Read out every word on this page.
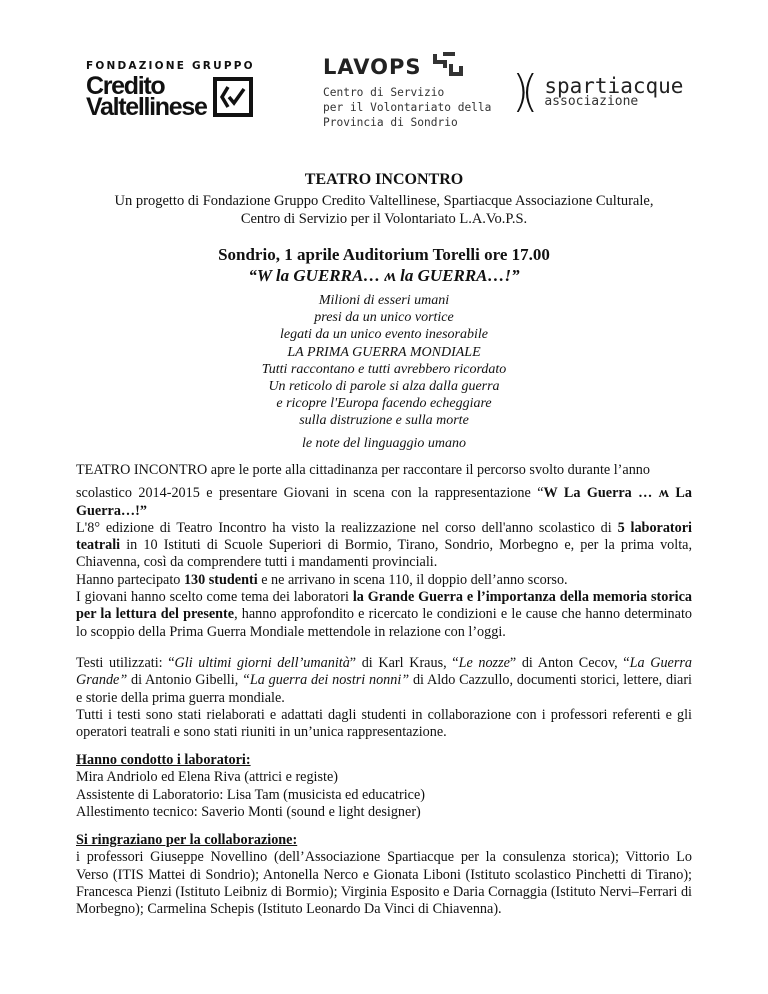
FONDAZIONE GRUPPO
Credito
Valtellinese
LAVOPS
Centro di Servizio
per il Volontariato della
Provincia di Sondrio
)( spartiacque
associazione
TEATRO INCONTRO
Un progetto di Fondazione Gruppo Credito Valtellinese, Spartiacque Associazione Culturale,
Centro di Servizio per il Volontariato L.A.Vo.P.S.
Sondrio, 1 aprile Auditorium Torelli ore 17.00
“W la GUERRA… ʍ la GUERRA…!”
Milioni di esseri umani
presi da un unico vortice
legati da un unico evento inesorabile
LA PRIMA GUERRA MONDIALE
Tutti raccontano e tutti avrebbero ricordato
Un reticolo di parole si alza dalla guerra
e ricopre l'Europa facendo echeggiare
sulla distruzione e sulla morte
le note del linguaggio umano
TEATRO INCONTRO apre le porte alla cittadinanza per raccontare il percorso svolto durante l’anno

scolastico 2014-2015 e presentare Giovani in scena con la rappresentazione “W La Guerra … ʍ La Guerra…!”

L'8° edizione di Teatro Incontro ha visto la realizzazione nel corso dell'anno scolastico di 5 laboratori teatrali in 10 Istituti di Scuole Superiori di Bormio, Tirano, Sondrio, Morbegno e, per la prima volta, Chiavenna, così da comprendere tutti i mandamenti provinciali.

Hanno partecipato 130 studenti e ne arrivano in scena 110, il doppio dell’anno scorso.

I giovani hanno scelto come tema dei laboratori la Grande Guerra e l’importanza della memoria storica per la lettura del presente, hanno approfondito e ricercato le condizioni e le cause che hanno determinato lo scoppio della Prima Guerra Mondiale mettendole in relazione con l’oggi.

Testi utilizzati: “Gli ultimi giorni dell’umanità” di Karl Kraus, “Le nozze” di Anton Cecov, “La Guerra Grande” di Antonio Gibelli, “La guerra dei nostri nonni” di Aldo Cazzullo, documenti storici, lettere, diari e storie della prima guerra mondiale.

Tutti i testi sono stati rielaborati e adattati dagli studenti in collaborazione con i professori referenti e gli operatori teatrali e sono stati riuniti in un’unica rappresentazione.

Hanno condotto i laboratori:

Mira Andriolo ed Elena Riva (attrici e registe)

Assistente di Laboratorio: Lisa Tam (musicista ed educatrice)

Allestimento tecnico: Saverio Monti (sound e light designer)

Si ringraziano per la collaborazione:

i professori Giuseppe Novellino (dell’Associazione Spartiacque per la consulenza storica); Vittorio Lo Verso (ITIS Mattei di Sondrio); Antonella Nerco e Gionata Liboni (Istituto scolastico Pinchetti di Tirano); Francesca Pienzi (Istituto Leibniz di Bormio); Virginia Esposito e Daria Cornaggia (Istituto Nervi–Ferrari di Morbegno); Carmelina Schepis (Istituto Leonardo Da Vinci di Chiavenna).
